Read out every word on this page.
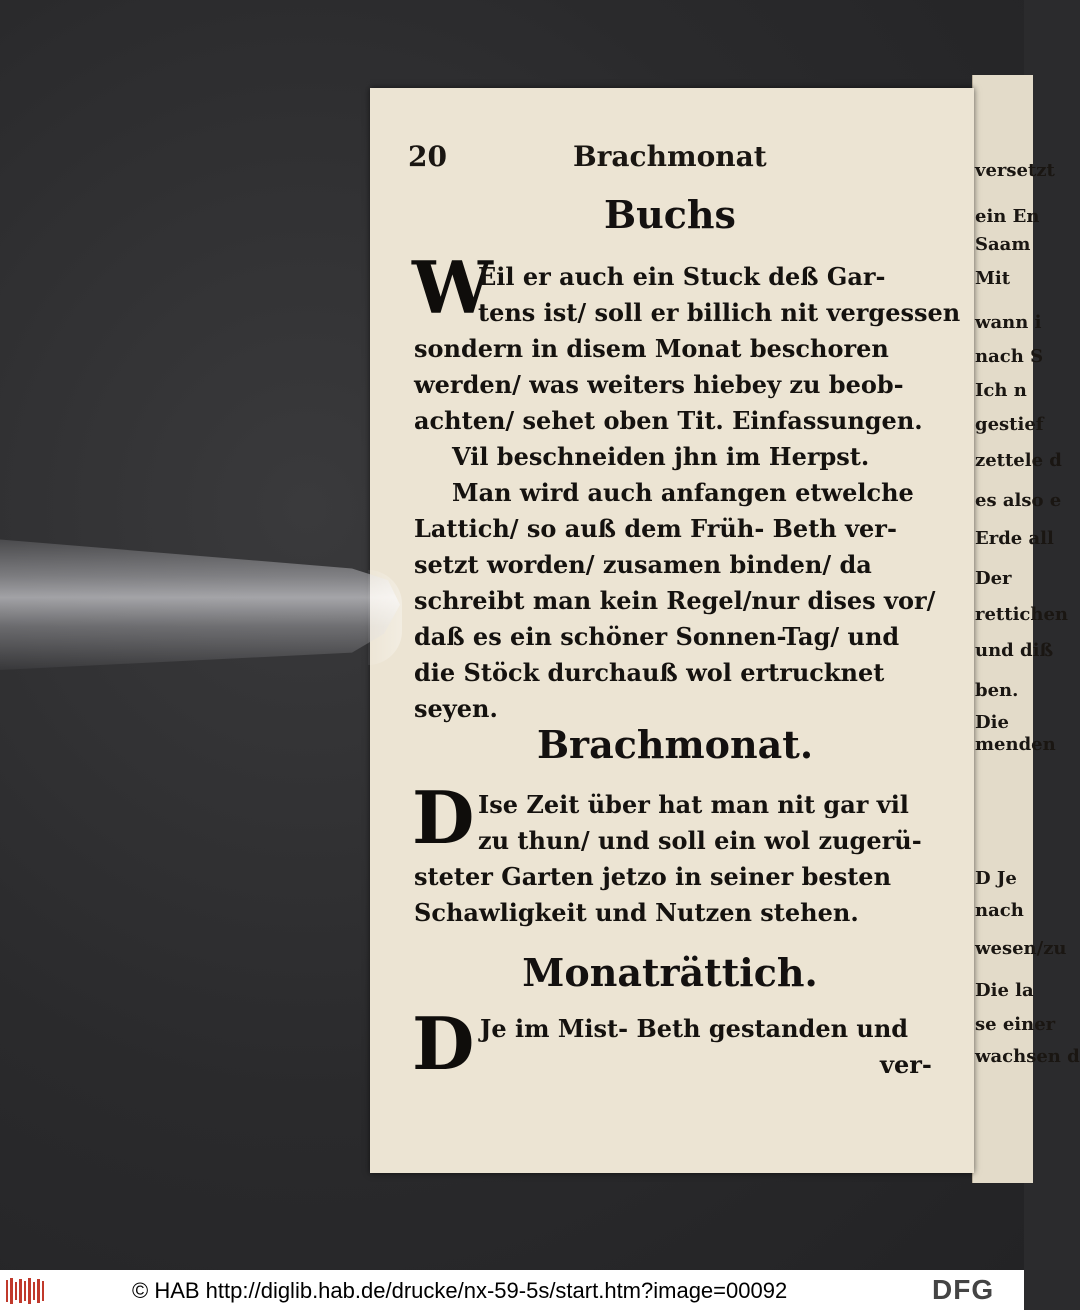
20	Brachmonat
Buchs
W
Eil er auch ein Stuck deß Gar-
tens ist/ soll er billich nit vergessen
sondern in disem Monat beschoren
werden/ was weiters hiebey zu beob-
achten/ sehet oben Tit. Einfassungen.
Vil beschneiden jhn im Herpst.
Man wird auch anfangen etwelche
Lattich/ so auß dem Früh- Beth ver-
setzt worden/ zusamen binden/ da
schreibt man kein Regel/nur dises vor/
daß es ein schöner Sonnen-Tag/ und
die Stöck durchauß wol ertrucknet
seyen.
Brachmonat.
D Ise Zeit über hat man nit gar vil
zu thun/ und soll ein wol zugerü-
steter Garten jetzo in seiner besten
Schawligkeit und Nutzen stehen.
Monaträttich.
D Je im Mist- Beth gestanden und
ver-
versetzt
ein En
Saam
Mit
wann i
nach S
Ich n
gestief
zettele d
es also e
Erde all
Der
rettichen
und diß
ben.
Die
menden
D Je
nach
wesen/zu
Die la
se einer
wachsen d
© HAB http://diglib.hab.de/drucke/nx-59-5s/start.htm?image=00092	DFG
